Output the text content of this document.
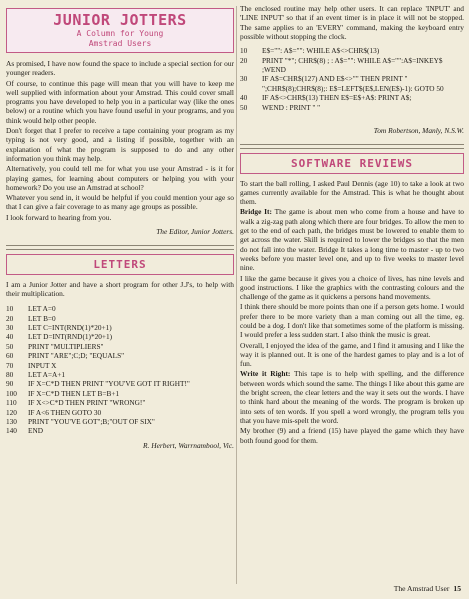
JUNIOR JOTTERS
A Column for Young
Amstrad Users

As promised, I have now found the space to include a special section for our younger readers.

Of course, to continue this page will mean that you will have to keep me well supplied with information about your Amstrad. This could cover small programs you have developed to help you in a particular way (like the ones below) or a routine which you have found useful in your programs, and you think would help other people.

Don't forget that I prefer to receive a tape containing your program as my typing is not very good, and a listing if possible, together with an explanation of what the program is supposed to do and any other information you think may help.

Alternatively, you could tell me for what you use your Amstrad - is it for playing games, for learning about computers or helping you with your homework? Do you use an Amstrad at school?

Whatever you send in, it would be helpful if you could mention your age so that I can give a fair coverage to as many age groups as possible.

I look forward to hearing from you.

The Editor, Junior Jotters.
LETTERS

I am a Junior Jotter and have a short program for other J.J's, to help with their multiplication.

10	LET A=0
20	LET B=0
30	LET C=INT(RND(1)*20+1)
40	LET D=INT(RND(1)*20+1)
50	PRINT "MULTIPLIERS"
60	PRINT "ARE";C;D; "EQUALS"
70	INPUT X
80	LET A=A+1
90	IF X=C*D THEN PRINT "YOU'VE GOT IT RIGHT!"
100	IF X=C*D THEN LET B=B+1
110	IF X<>C*D THEN PRINT "WRONG!"
120	IF A<6 THEN GOTO 30
130	PRINT "YOU'VE GOT";B;"OUT OF SIX"
140	END
R. Herbert, Warrnambool, Vic.

The enclosed routine may help other users. It can replace 'INPUT' and 'LINE INPUT' so that if an event timer is in place it will not be stopped. The same applies to an 'EVERY' command, making the keyboard entry possible without stopping the clock.

10	E$="": A$="": WHILE A$<>CHR$(13)
20	PRINT "*"; CHR$(8) ; : A$="": WHILE A$="":A$=INKEY$ ;WEND
30	IF A$=CHR$(127) AND E$<>"" THEN PRINT " ";CHR$(8);CHR$(8);: E$=LEFT$(E$,LEN(E$)-1): GOTO 50
40	IF A$<>CHR$(13) THEN E$=E$+A$: PRINT A$;
50	WEND : PRINT " "
Tom Robertson, Manly, N.S.W.
SOFTWARE REVIEWS

To start the ball rolling, I asked Paul Dennis (age 10) to take a look at two games currently available for the Amstrad. This is what he thought about them.

Bridge It: The game is about men who come from a house and have to walk a zig-zag path along which there are four bridges. To allow the men to get to the end of each path, the bridges must be lowered to enable them to get across the water. Skill is required to lower the bridges so that the men do not fall into the water. Bridge It takes a long time to master - up to two weeks before you master level one, and up to five weeks to master level nine.

I like the game because it gives you a choice of lives, has nine levels and good instructions. I like the graphics with the contrasting colours and the challenge of the game as it quickens a persons hand movements.

I think there should be more points than one if a person gets home. I would prefer there to be more variety than a man coming out all the time, eg. could be a dog. I don't like that sometimes some of the platform is missing. I would prefer a less sudden start. I also think the music is great.

Overall, I enjoyed the idea of the game, and I find it amusing and I like the way it is planned out. It is one of the hardest games to play and is a lot of fun.

Write it Right: This tape is to help with spelling, and the difference between words which sound the same. The things I like about this game are the bright screen, the clear letters and the way it sets out the words. I have to think hard about the meaning of the words. The program is broken up into sets of ten words. If you spell a word wrongly, the program tells you that you have mis-spelt the word.

My brother (9) and a friend (15) have played the game which they have both found good for them.

The Amstrad User 15
